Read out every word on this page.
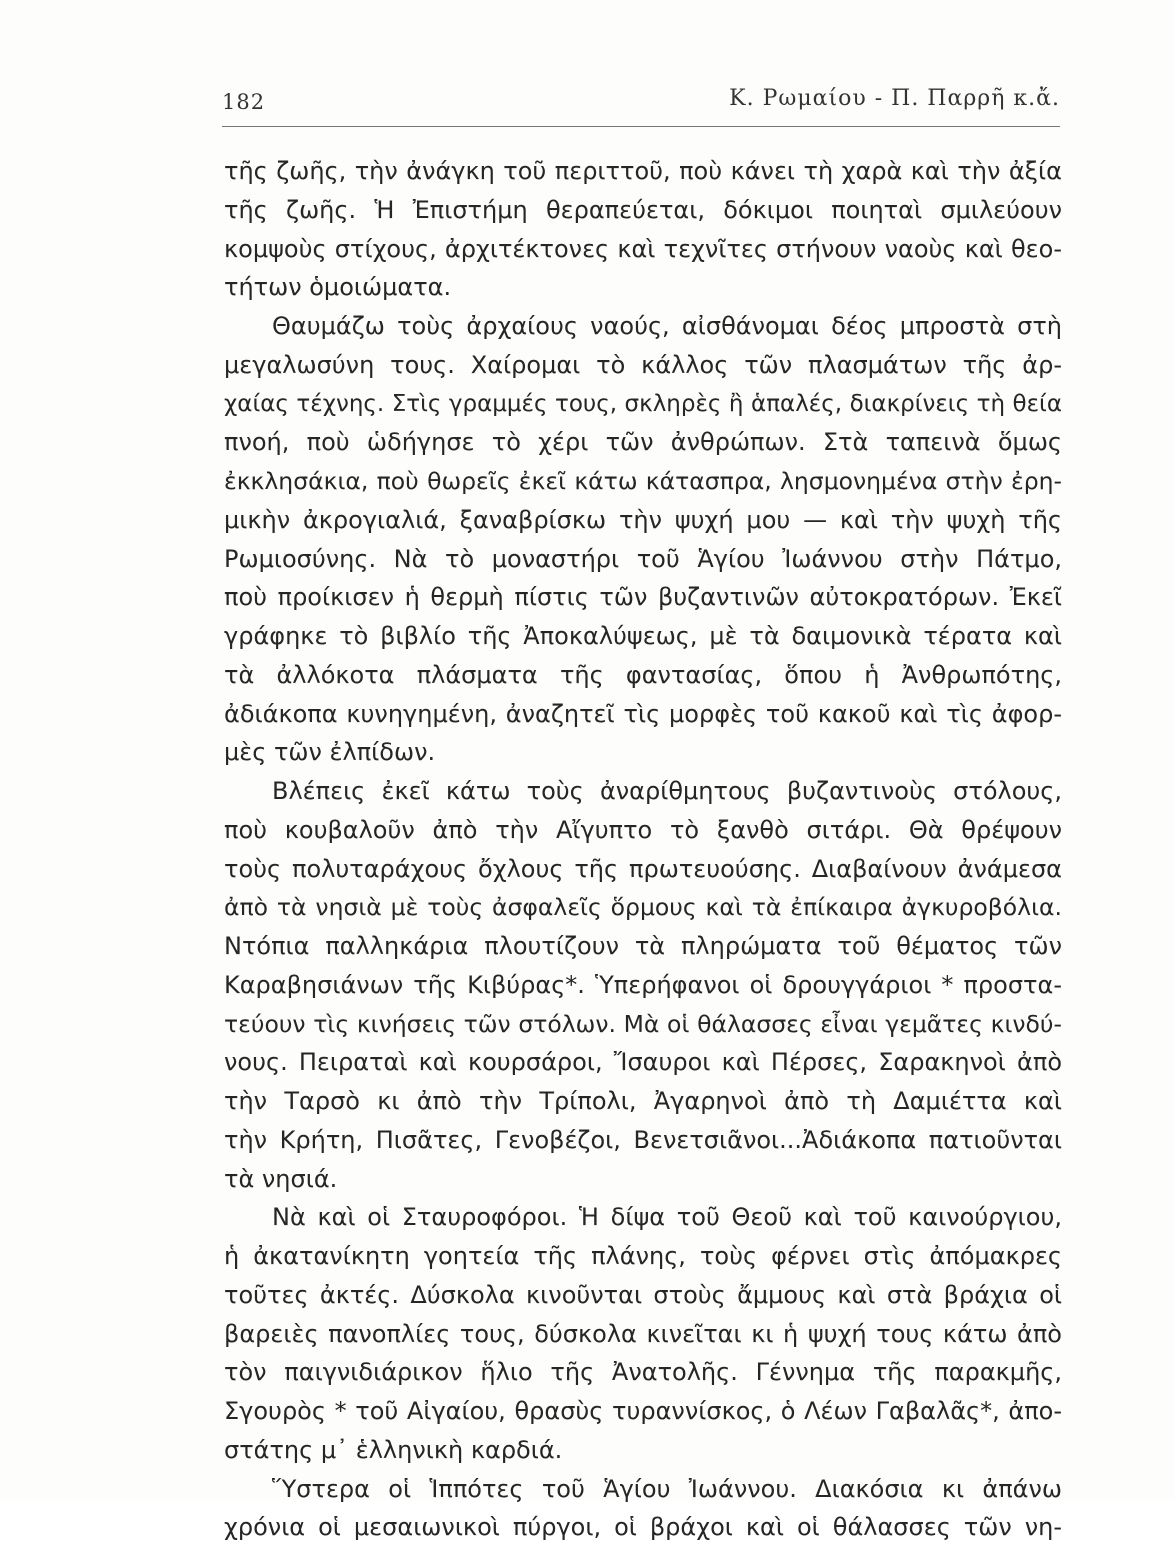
182	Κ. Ρωμαίου - Π. Παρρῆ κ.ἄ.
τῆς ζωῆς, τὴν ἀνάγκη τοῦ περιττοῦ, ποὺ κάνει τὴ χαρὰ καὶ τὴν ἀξία
τῆς ζωῆς. Ἡ Ἐπιστήμη θεραπεύεται, δόκιμοι ποιηταὶ σμιλεύουν
κομψοὺς στίχους, ἀρχιτέκτονες καὶ τεχνῖτες στήνουν ναοὺς καὶ θεο-
τήτων ὁμοιώματα.
Θαυμάζω τοὺς ἀρχαίους ναούς, αἰσθάνομαι δέος μπροστὰ στὴ
μεγαλωσύνη τους. Χαίρομαι τὸ κάλλος τῶν πλασμάτων τῆς ἀρ-
χαίας τέχνης. Στὶς γραμμές τους, σκληρὲς ἢ ἁπαλές, διακρίνεις τὴ θεία
πνοή, ποὺ ὡδήγησε τὸ χέρι τῶν ἀνθρώπων. Στὰ ταπεινὰ ὅμως
ἐκκλησάκια, ποὺ θωρεῖς ἐκεῖ κάτω κάτασπρα, λησμονημένα στὴν ἐρη-
μικὴν ἀκρογιαλιά, ξαναβρίσκω τὴν ψυχή μου — καὶ τὴν ψυχὴ τῆς
Ρωμιοσύνης. Νὰ τὸ μοναστήρι τοῦ Ἁγίου Ἰωάννου στὴν Πάτμο,
ποὺ προίκισεν ἡ θερμὴ πίστις τῶν βυζαντινῶν αὐτοκρατόρων. Ἐκεῖ
γράφηκε τὸ βιβλίο τῆς Ἀποκαλύψεως, μὲ τὰ δαιμονικὰ τέρατα καὶ
τὰ ἀλλόκοτα πλάσματα τῆς φαντασίας, ὅπου ἡ Ἀνθρωπότης,
ἀδιάκοπα κυνηγημένη, ἀναζητεῖ τὶς μορφὲς τοῦ κακοῦ καὶ τὶς ἀφορ-
μὲς τῶν ἐλπίδων.
Βλέπεις ἐκεῖ κάτω τοὺς ἀναρίθμητους βυζαντινοὺς στόλους,
ποὺ κουβαλοῦν ἀπὸ τὴν Αἴγυπτο τὸ ξανθὸ σιτάρι. Θὰ θρέψουν
τοὺς πολυταράχους ὄχλους τῆς πρωτευούσης. Διαβαίνουν ἀνάμεσα
ἀπὸ τὰ νησιὰ μὲ τοὺς ἀσφαλεῖς ὅρμους καὶ τὰ ἐπίκαιρα ἀγκυροβόλια.
Ντόπια παλληκάρια πλουτίζουν τὰ πληρώματα τοῦ θέματος τῶν
Καραβησιάνων τῆς Κιβύρας*. Ὑπερήφανοι οἱ δρουγγάριοι * προστα-
τεύουν τὶς κινήσεις τῶν στόλων. Μὰ οἱ θάλασσες εἶναι γεμᾶτες κινδύ-
νους. Πειραταὶ καὶ κουρσάροι, Ἴσαυροι καὶ Πέρσες, Σαρακηνοὶ ἀπὸ
τὴν Ταρσὸ κι ἀπὸ τὴν Τρίπολι, Ἀγαρηνοὶ ἀπὸ τὴ Δαμιέττα καὶ
τὴν Κρήτη, Πισᾶτες, Γενοβέζοι, Βενετσιᾶνοι...Ἀδιάκοπα πατιοῦνται
τὰ νησιά.
Νὰ καὶ οἱ Σταυροφόροι. Ἡ δίψα τοῦ Θεοῦ καὶ τοῦ καινούργιου,
ἡ ἀκατανίκητη γοητεία τῆς πλάνης, τοὺς φέρνει στὶς ἀπόμακρες
τοῦτες ἀκτές. Δύσκολα κινοῦνται στοὺς ἄμμους καὶ στὰ βράχια οἱ
βαρειὲς πανοπλίες τους, δύσκολα κινεῖται κι ἡ ψυχή τους κάτω ἀπὸ
τὸν παιγνιδιάρικον ἥλιο τῆς Ἀνατολῆς. Γέννημα τῆς παρακμῆς,
Σγουρὸς * τοῦ Αἰγαίου, θρασὺς τυραννίσκος, ὁ Λέων Γαβαλᾶς*, ἀπο-
στάτης μ᾿ ἑλληνικὴ καρδιά.
Ὕστερα οἱ Ἱππότες τοῦ Ἁγίου Ἰωάννου. Διακόσια κι ἀπάνω
χρόνια οἱ μεσαιωνικοὶ πύργοι, οἱ βράχοι καὶ οἱ θάλασσες τῶν νη-
